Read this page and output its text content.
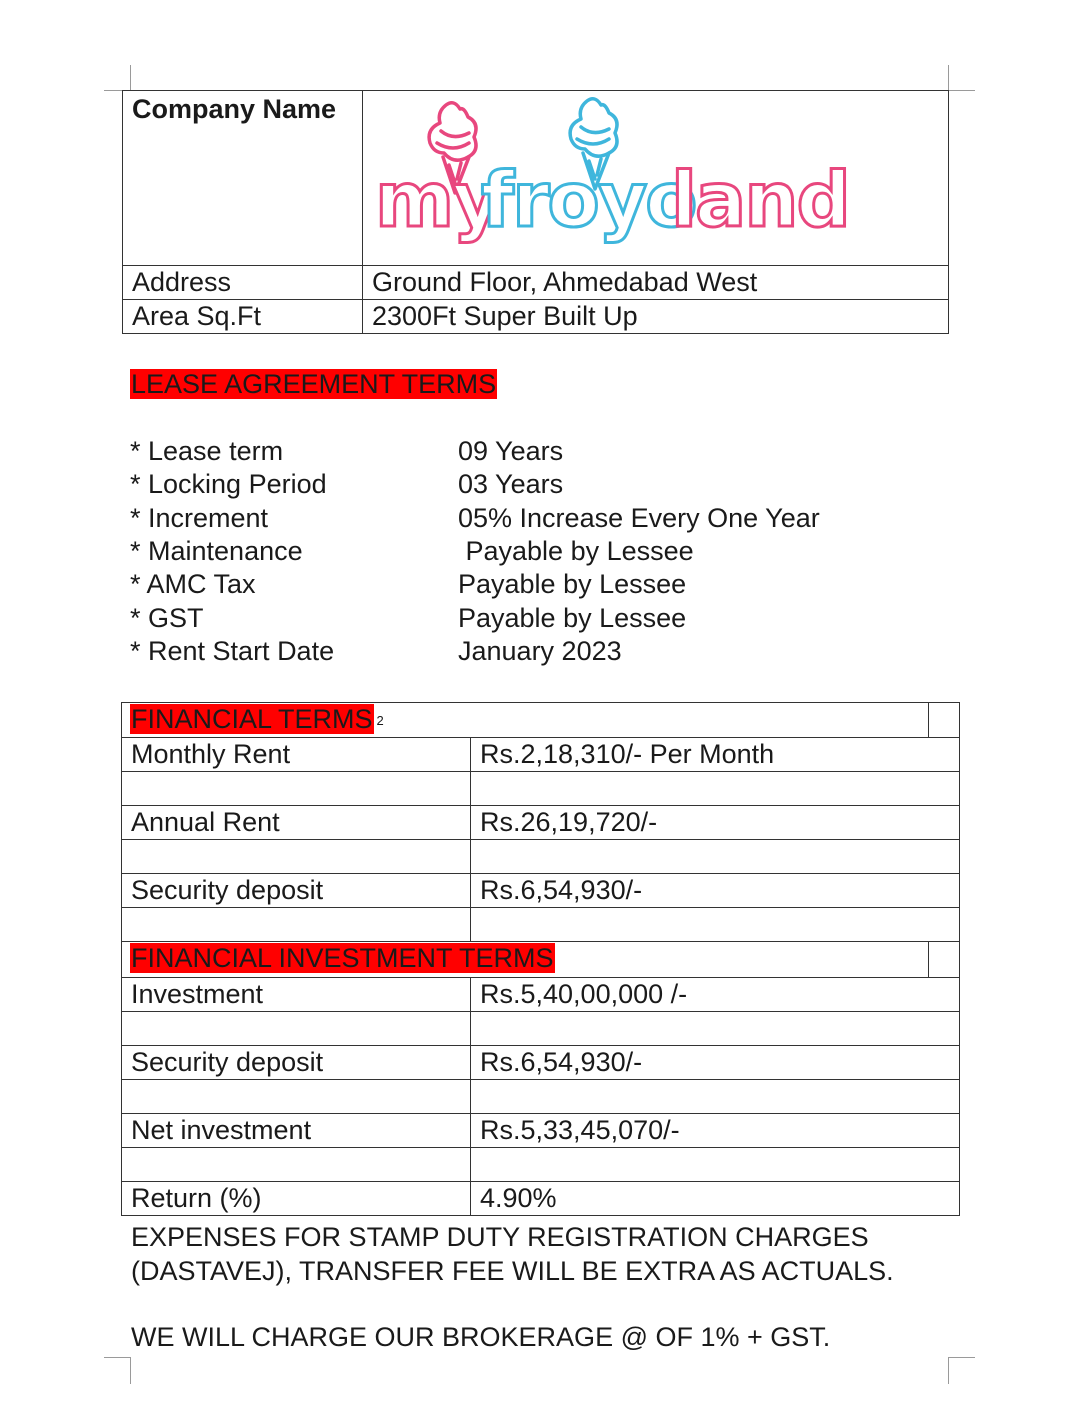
Company Name	my
froyo
land

Address	Ground Floor, Ahmedabad West
Area Sq.Ft	2300Ft Super Built Up
LEASE AGREEMENT TERMS
* Lease term	09 Years
* Locking Period	03 Years
* Increment	05% Increase Every One Year
* Maintenance	Payable by Lessee
* AMC Tax	Payable by Lessee
* GST	Payable by Lessee
* Rent Start Date	January 2023
FINANCIAL TERMS 2		
Monthly Rent	Rs.2,18,310/- Per Month	

Annual Rent	Rs.26,19,720/-	

Security deposit	Rs.6,54,930/-	

FINANCIAL INVESTMENT TERMS		
Investment	Rs.5,40,00,000 /-	

Security deposit	Rs.6,54,930/-	

Net investment	Rs.5,33,45,070/-	

Return (%)	4.90%	
EXPENSES FOR STAMP DUTY REGISTRATION CHARGES
(DASTAVEJ), TRANSFER FEE WILL BE EXTRA AS ACTUALS.
WE WILL CHARGE OUR BROKERAGE @ OF 1% + GST.
